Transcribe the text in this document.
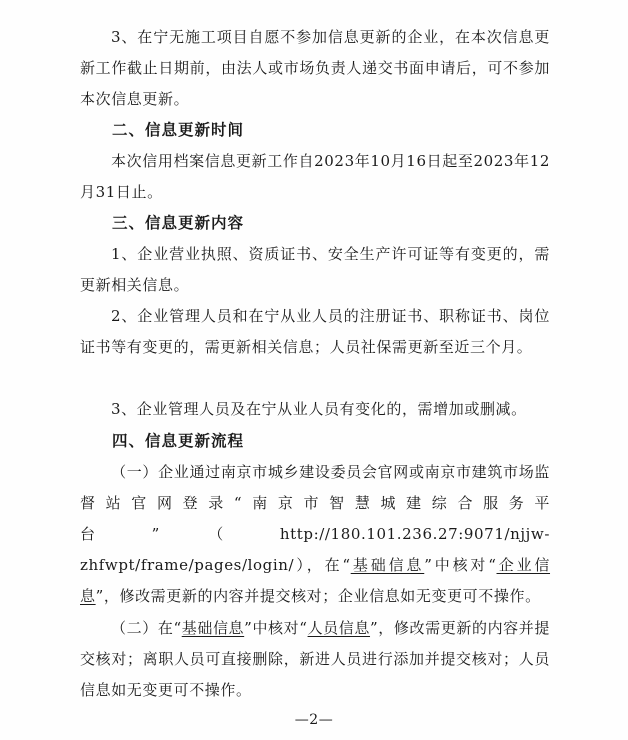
3、在宁无施工项目自愿不参加信息更新的企业，在本次信息更新工作截止日期前，由法人或市场负责人递交书面申请后，可不参加本次信息更新。

二、信息更新时间

本次信用档案信息更新工作自2023年10月16日起至2023年12月31日止。

三、信息更新内容

1、企业营业执照、资质证书、安全生产许可证等有变更的，需更新相关信息。

2、企业管理人员和在宁从业人员的注册证书、职称证书、岗位证书等有变更的，需更新相关信息；人员社保需更新至近三个月。

3、企业管理人员及在宁从业人员有变化的，需增加或删减。

四、信息更新流程

（一）企业通过南京市城乡建设委员会官网或南京市建筑市场监督站官网登录“南京市智慧城建综合服务平台”（http://180.101.236.27:9071/njjw-zhfwpt/frame/pages/login/），在“基础信息”中核对“企业信息”，修改需更新的内容并提交核对；企业信息如无变更可不操作。

（二）在“基础信息”中核对“人员信息”，修改需更新的内容并提交核对；离职人员可直接删除，新进人员进行添加并提交核对；人员信息如无变更可不操作。

—2—
